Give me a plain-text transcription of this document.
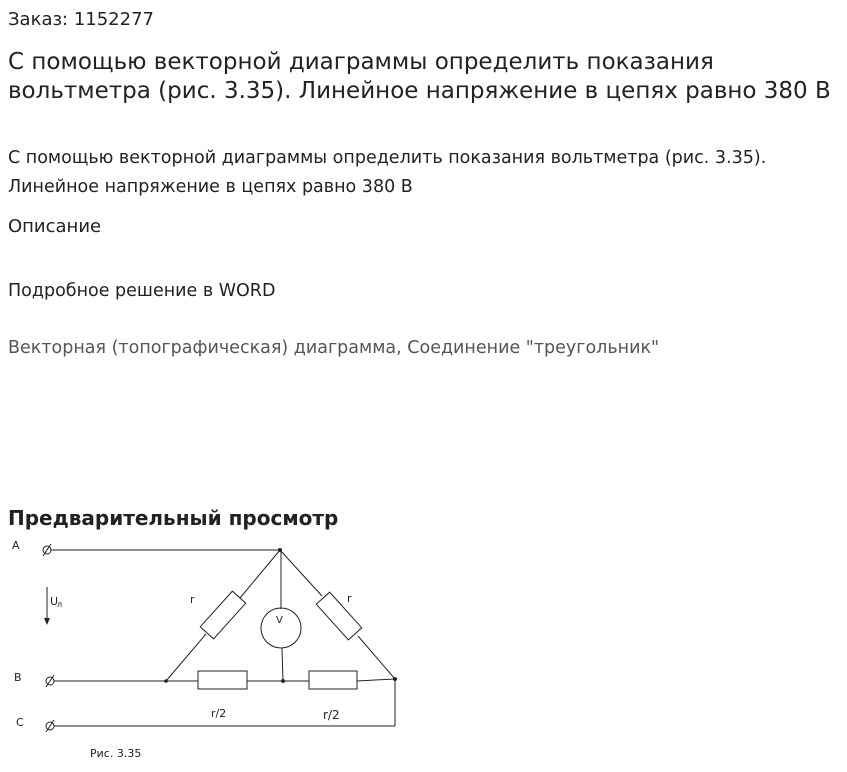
Заказ: 1152277
С помощью векторной диаграммы определить показания вольтметра (рис. 3.35). Линейное напряжение в цепях равно 380 В
С помощью векторной диаграммы определить показания вольтметра (рис. 3.35). Линейное напряжение в цепях равно 380 В
Описание
Подробное решение в WORD
Векторная (топографическая) диаграмма, Соединение "треугольник"
Предварительный просмотр
A
B
C
U
л	r	r
V
r/2	r/2
Рис. 3.35
